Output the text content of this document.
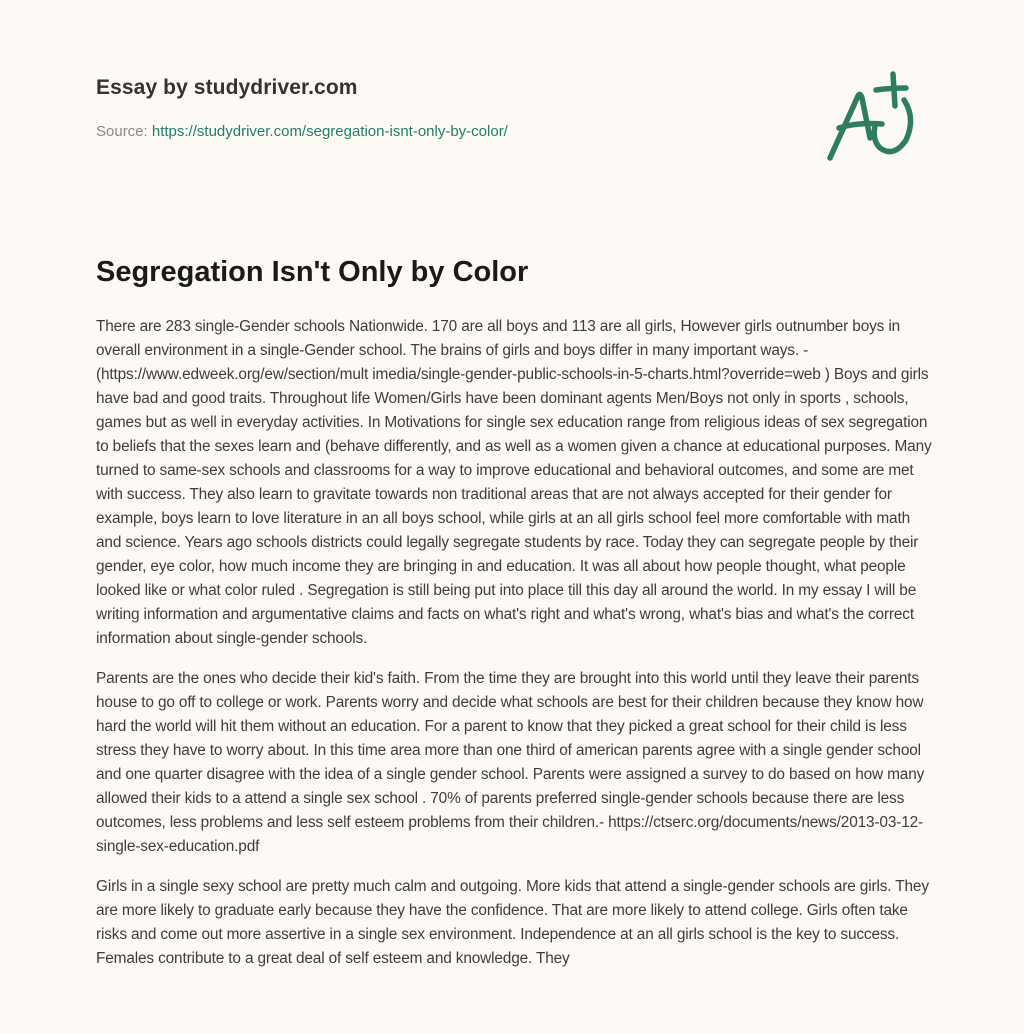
Essay by studydriver.com
Source: https://studydriver.com/segregation-isnt-only-by-color/
Segregation Isn't Only by Color

There are 283 single-Gender schools Nationwide. 170 are all boys and 113 are all girls, However girls outnumber boys in overall environment in a single-Gender school. The brains of girls and boys differ in many important ways. - (https://www.edweek.org/ew/section/mult imedia/single-gender-public-schools-in-5-charts.html?override=web ) Boys and girls have bad and good traits. Throughout life Women/Girls have been dominant agents Men/Boys not only in sports , schools, games but as well in everyday activities. In Motivations for single sex education range from religious ideas of sex segregation to beliefs that the sexes learn and (behave differently, and as well as a women given a chance at educational purposes. Many turned to same-sex schools and classrooms for a way to improve educational and behavioral outcomes, and some are met with success. They also learn to gravitate towards non traditional areas that are not always accepted for their gender for example, boys learn to love literature in an all boys school, while girls at an all girls school feel more comfortable with math and science. Years ago schools districts could legally segregate students by race. Today they can segregate people by their gender, eye color, how much income they are bringing in and education. It was all about how people thought, what people looked like or what color ruled . Segregation is still being put into place till this day all around the world. In my essay I will be writing information and argumentative claims and facts on what's right and what's wrong, what's bias and what's the correct information about single-gender schools.

Parents are the ones who decide their kid's faith. From the time they are brought into this world until they leave their parents house to go off to college or work. Parents worry and decide what schools are best for their children because they know how hard the world will hit them without an education. For a parent to know that they picked a great school for their child is less stress they have to worry about. In this time area more than one third of american parents agree with a single gender school and one quarter disagree with the idea of a single gender school. Parents were assigned a survey to do based on how many allowed their kids to a attend a single sex school . 70% of parents preferred single-gender schools because there are less outcomes, less problems and less self esteem problems from their children.- https://ctserc.org/documents/news/2013-03-12-single-sex-education.pdf

Girls in a single sexy school are pretty much calm and outgoing. More kids that attend a single-gender schools are girls. They are more likely to graduate early because they have the confidence. That are more likely to attend college. Girls often take risks and come out more assertive in a single sex environment. Independence at an all girls school is the key to success. Females contribute to a great deal of self esteem and knowledge. They
